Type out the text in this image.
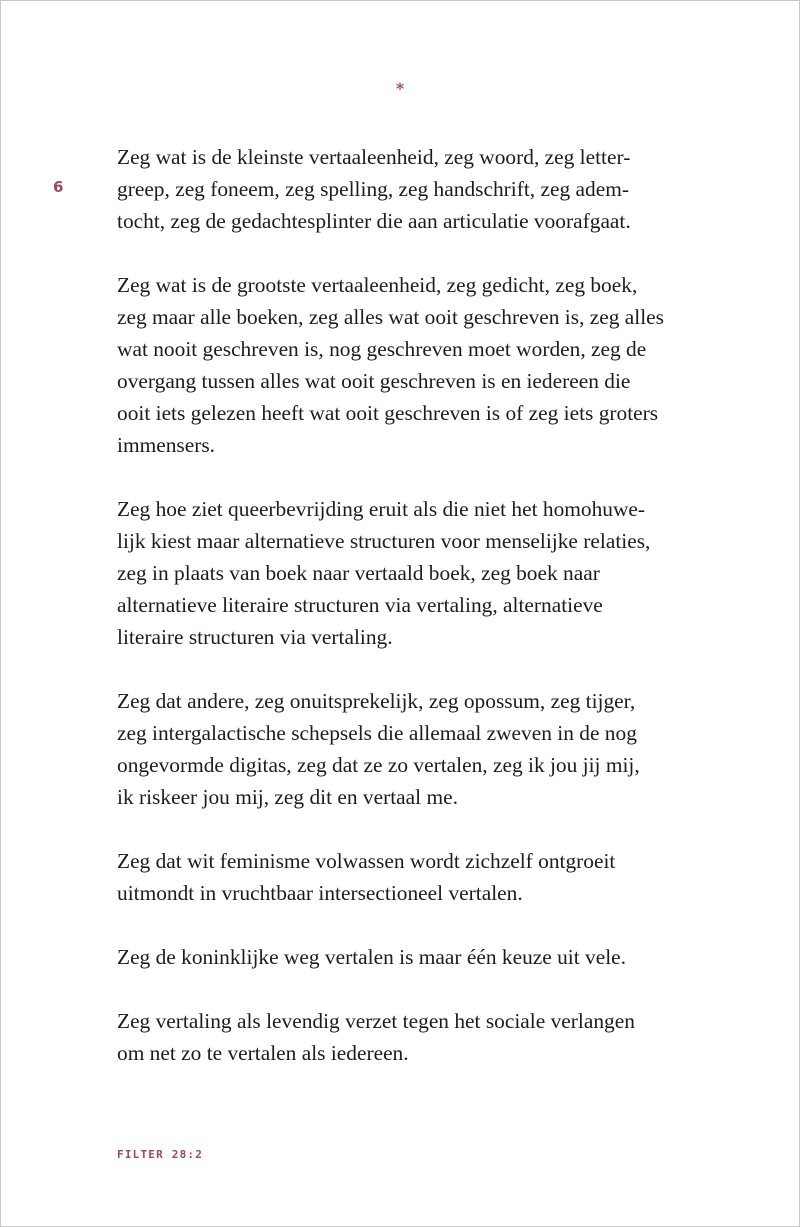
*
6

Zeg wat is de kleinste vertaaleenheid, zeg woord, zeg letter-
greep, zeg foneem, zeg spelling, zeg handschrift, zeg adem-
tocht, zeg de gedachtesplinter die aan articulatie voorafgaat.

Zeg wat is de grootste vertaaleenheid, zeg gedicht, zeg boek,
zeg maar alle boeken, zeg alles wat ooit geschreven is, zeg alles
wat nooit geschreven is, nog geschreven moet worden, zeg de
overgang tussen alles wat ooit geschreven is en iedereen die
ooit iets gelezen heeft wat ooit geschreven is of zeg iets groters
immensers.

Zeg hoe ziet queerbevrijding eruit als die niet het homohuwe-
lijk kiest maar alternatieve structuren voor menselijke relaties,
zeg in plaats van boek naar vertaald boek, zeg boek naar
alternatieve literaire structuren via vertaling, alternatieve
literaire structuren via vertaling.

Zeg dat andere, zeg onuitsprekelijk, zeg opossum, zeg tijger,
zeg intergalactische schepsels die allemaal zweven in de nog
ongevormde digitas, zeg dat ze zo vertalen, zeg ik jou jij mij,
ik riskeer jou mij, zeg dit en vertaal me.

Zeg dat wit feminisme volwassen wordt zichzelf ontgroeit
uitmondt in vruchtbaar intersectioneel vertalen.

Zeg de koninklijke weg vertalen is maar één keuze uit vele.

Zeg vertaling als levendig verzet tegen het sociale verlangen
om net zo te vertalen als iedereen.

FILTER 28:2
